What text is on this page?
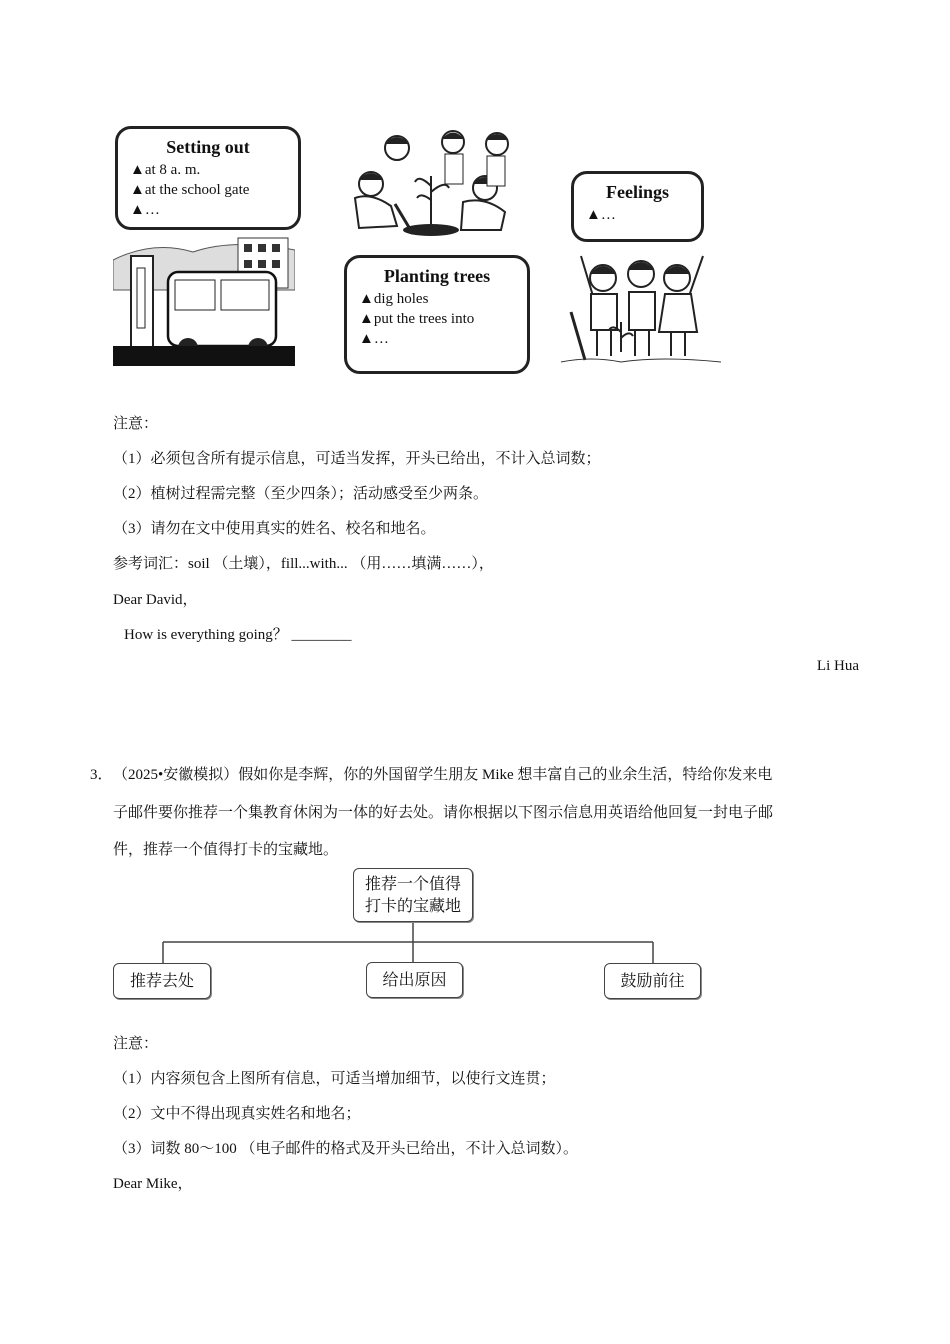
Setting out
▲at 8 a. m.
▲at the school gate
▲…
Planting trees
▲dig holes
▲put the trees into
▲…
Feelings
▲…
注意：
（1）必须包含所有提示信息，可适当发挥，开头已给出，不计入总词数；
（2）植树过程需完整（至少四条）；活动感受至少两条。
（3）请勿在文中使用真实的姓名、校名和地名。
参考词汇：soil （土壤），fill...with... （用……填满……），
Dear David，
How is everything going？ ________
Li Hua
3． （2025•安徽模拟）假如你是李辉，你的外国留学生朋友 Mike 想丰富自己的业余生活，特给你发来电
子邮件要你推荐一个集教育休闲为一体的好去处。请你根据以下图示信息用英语给他回复一封电子邮
件，推荐一个值得打卡的宝藏地。
推荐一个值得
打卡的宝藏地
推荐去处	给出原因	鼓励前往
注意：
（1）内容须包含上图所有信息，可适当增加细节，以使行文连贯；
（2）文中不得出现真实姓名和地名；
（3）词数 80～100 （电子邮件的格式及开头已给出，不计入总词数）。
Dear Mike，
